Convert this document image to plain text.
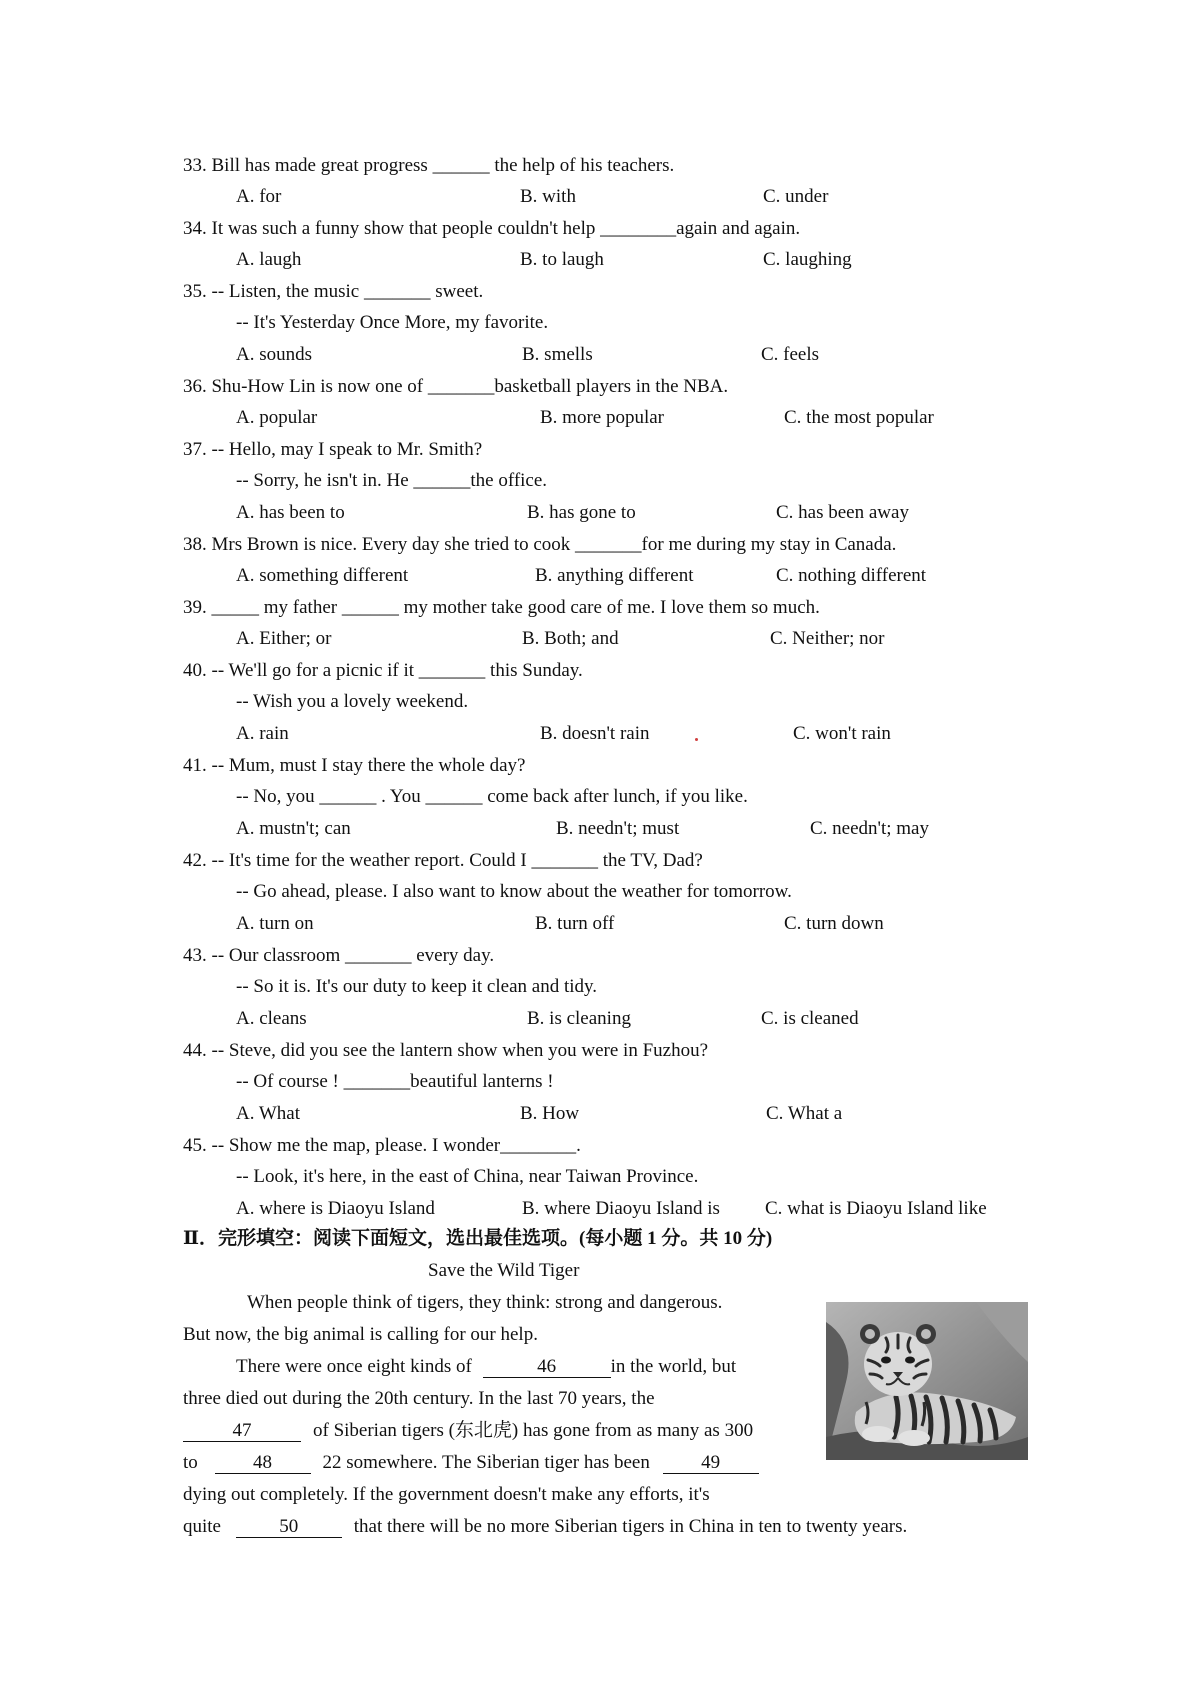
33. Bill has made great progress ______ the help of his teachers.
A. for	B. with	C. under
34. It was such a funny show that people couldn't help ________again and again.
A. laugh	B. to laugh	C. laughing
35. -- Listen, the music _______ sweet.
-- It's Yesterday Once More, my favorite.
A. sounds	B. smells	C. feels
36. Shu-How Lin is now one of _______basketball players in the NBA.
A. popular	B. more popular	C. the most popular
37. -- Hello, may I speak to Mr. Smith?
-- Sorry, he isn't in. He ______the office.
A. has been to	B. has gone to	C. has been away
38. Mrs Brown is nice. Every day she tried to cook _______for me during my stay in Canada.
A. something different	B. anything different	C. nothing different
39. _____ my father ______ my mother take good care of me. I love them so much.
A. Either; or	B. Both; and	C. Neither; nor
40. -- We'll go for a picnic if it _______ this Sunday.
-- Wish you a lovely weekend.
A. rain	B. doesn't rain	C. won't rain
41. -- Mum, must I stay there the whole day?
-- No, you ______ . You ______ come back after lunch, if you like.
A. mustn't; can	B. needn't; must	C. needn't; may
42. -- It's time for the weather report. Could I _______ the TV, Dad?
-- Go ahead, please. I also want to know about the weather for tomorrow.
A. turn on	B. turn off	C. turn down
43. -- Our classroom _______ every day.
-- So it is. It's our duty to keep it clean and tidy.
A. cleans	B. is cleaning	C. is cleaned
44. -- Steve, did you see the lantern show when you were in Fuzhou?
-- Of course ! _______beautiful lanterns !
A. What	B. How	C. What a
45. -- Show me the map, please. I wonder________.
-- Look, it's here, in the east of China, near Taiwan Province.
A. where is Diaoyu Island	B. where Diaoyu Island is C. what is Diaoyu Island like
Ⅱ．完形填空：阅读下面短文，选出最佳选项。(每小题 1 分。共 10 分)
Save the Wild Tiger
When people think of tigers, they think: strong and dangerous.
But now, the big animal is calling for our help.
There were once eight kinds of	46	in the world, but
three died out during the 20th century. In the last 70 years, the
47	of Siberian tigers (东北虎) has gone from as many as 300
to	48	22 somewhere. The Siberian tiger has been	49
dying out completely. If the government doesn't make any efforts, it's
quite	50	that there will be no more Siberian tigers in China in ten to twenty years.
